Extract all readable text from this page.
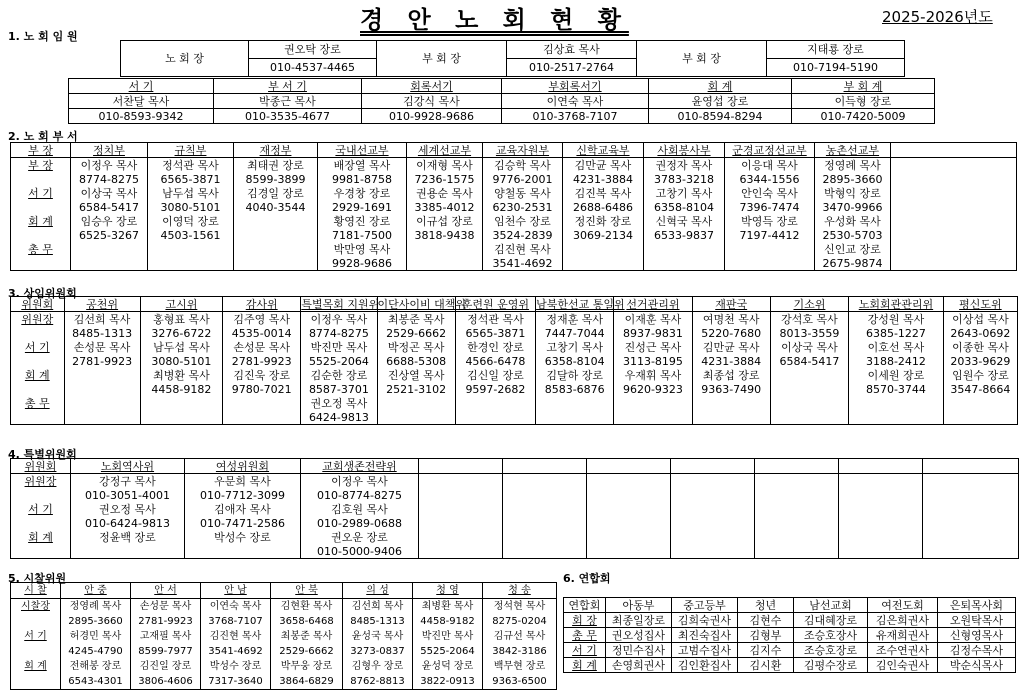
경 안 노 회 현 황	2025-2026년도
1. 노 회 임 원
노 회 장	권오탁 장로	부 회 장	김상효 목사	부 회 장	지태룡 장로
	010-4537-4465		010-2517-2764		010-7194-5190
서 기	부 서 기	회록서기	부회록서기	회 계	부 회 계
서찬달 목사	박종근 목사	김강식 목사	이연숙 목사	윤영섭 장로	이득형 장로
010-8593-9342	010-3535-4677	010-9928-9686	010-3768-7107	010-8594-8294	010-7420-5009
2. 노 회 부 서
부 장	정치부	규칙부	재정부	국내선교부	세계선교부	교육자원부	신학교육부	사회봉사부	군경교정선교부	농촌선교부	
부 장	이정우 목사	정석관 목사	최태권 장로	배장열 목사	이재형 목사	김승학 목사	김만균 목사	권정자 목사	이응대 목사	정영례 목사	
	8774-8275	6565-3871	8599-3899	9981-8758	7236-1575	9776-2001	4231-3884	3783-3218	6344-1556	2895-3660	
서 기	이상국 목사	남두섭 목사	김경일 장로	우경창 장로	권용순 목사	양철동 목사	김진복 목사	고창기 목사	안인숙 목사	박형익 장로	
	6584-5417	3080-5101	4040-3544	2929-1691	3385-4012	6230-2531	2688-6486	6358-8104	7396-7474	3470-9966	
회 계	임승우 장로	이영덕 장로		황영진 장로	이규섭 장로	임천수 장로	정진화 장로	신혁국 목사	박영득 장로	우성화 목사	
	6525-3267	4503-1561		7181-7500	3818-9438	3524-2839	3069-2134	6533-9837	7197-4412	2530-5703	
총 무				박만영 목사		김진현 목사				신인교 장로	
				9928-9686		3541-4692				2675-9874	
3. 상임위원회
위원회	공천위	고시위	감사위	특별목회 지원위	이단사이비 대책위	훈련원 운영위	남북한선교 통일위	선거관리위	재판국	기소위	노회회관관리위	평신도위
위원장	김선희 목사	홍형표 목사	김주영 목사	이정우 목사	최봉준 목사	정석관 목사	정재훈 목사	이재훈 목사	여명천 목사	강석호 목사	강성원 목사	이상섭 목사
	8485-1313	3276-6722	4535-0014	8774-8275	2529-6662	6565-3871	7447-7044	8937-9831	5220-7680	8013-3559	6385-1227	2643-0692
서 기	손성문 목사	남두섭 목사	손성문 목사	박진만 목사	박정곤 목사	한경인 장로	고창기 목사	진성근 목사	김만균 목사	이상국 목사	이호선 목사	이종한 목사
	2781-9923	3080-5101	2781-9923	5525-2064	6688-5308	4566-6478	6358-8104	3113-8195	4231-3884	6584-5417	3188-2412	2033-9629
회 계		최병환 목사	김진욱 장로	김순한 장로	진상열 목사	김신일 장로	김달하 장로	우재휘 목사	최종섭 장로		이세원 장로	임원수 장로
		4458-9182	9780-7021	8587-3701	2521-3102	9597-2682	8583-6876	9620-9323	9363-7490		8570-3744	3547-8664
총 무				권오정 목사								
				6424-9813								
4. 특별위원회
위원회	노회역사위	여성위원회	교회생존전략위							
위원장	강정구 목사	우문희 목사	이정우 목사							
	010-3051-4001	010-7712-3099	010-8774-8275							
서 기	권오정 목사	김애자 목사	김호원 목사							
	010-6424-9813	010-7471-2586	010-2989-0688							
회 계	정윤백 장로	박성수 장로	권오운 장로							
			010-5000-9406							
5. 시찰위원
시 찰	안 중	안 서	안 남	안 북	의 성	청 영	청 송
시찰장	정영례 목사	손성문 목사	이연숙 목사	김현환 목사	김선희 목사	최병환 목사	정석현 목사
	2895-3660	2781-9923	3768-7107	3658-6468	8485-1313	4458-9182	8275-0204
서 기	허경민 목사	고재필 목사	김진현 목사	최봉준 목사	윤성국 목사	박진만 목사	김규선 목사
	4245-4790	8599-7977	3541-4692	2529-6662	3273-0837	5525-2064	3842-3186
회 계	전해봉 장로	김진일 장로	박성수 장로	박무웅 장로	김형우 장로	윤성덕 장로	백무현 장로
	6543-4301	3806-4606	7317-3640	3864-6829	8762-8813	3822-0913	9363-6500
6. 연합회
연합회	아동부	중고등부	청년	남선교회	여전도회	은퇴목사회
회 장	최종일장로	김희숙권사	김현수	김대혜장로	김은희권사	오원탁목사
총 무	권오성집사	최진숙집사	김형부	조승호장사	유재희권사	신형영목사
서 기	정민수집사	고범수집사	김지수	조승호장로	조수연권사	김정수목사
회 계	손영희권사	김인환집사	김시환	김평수장로	김인숙권사	박순식목사
